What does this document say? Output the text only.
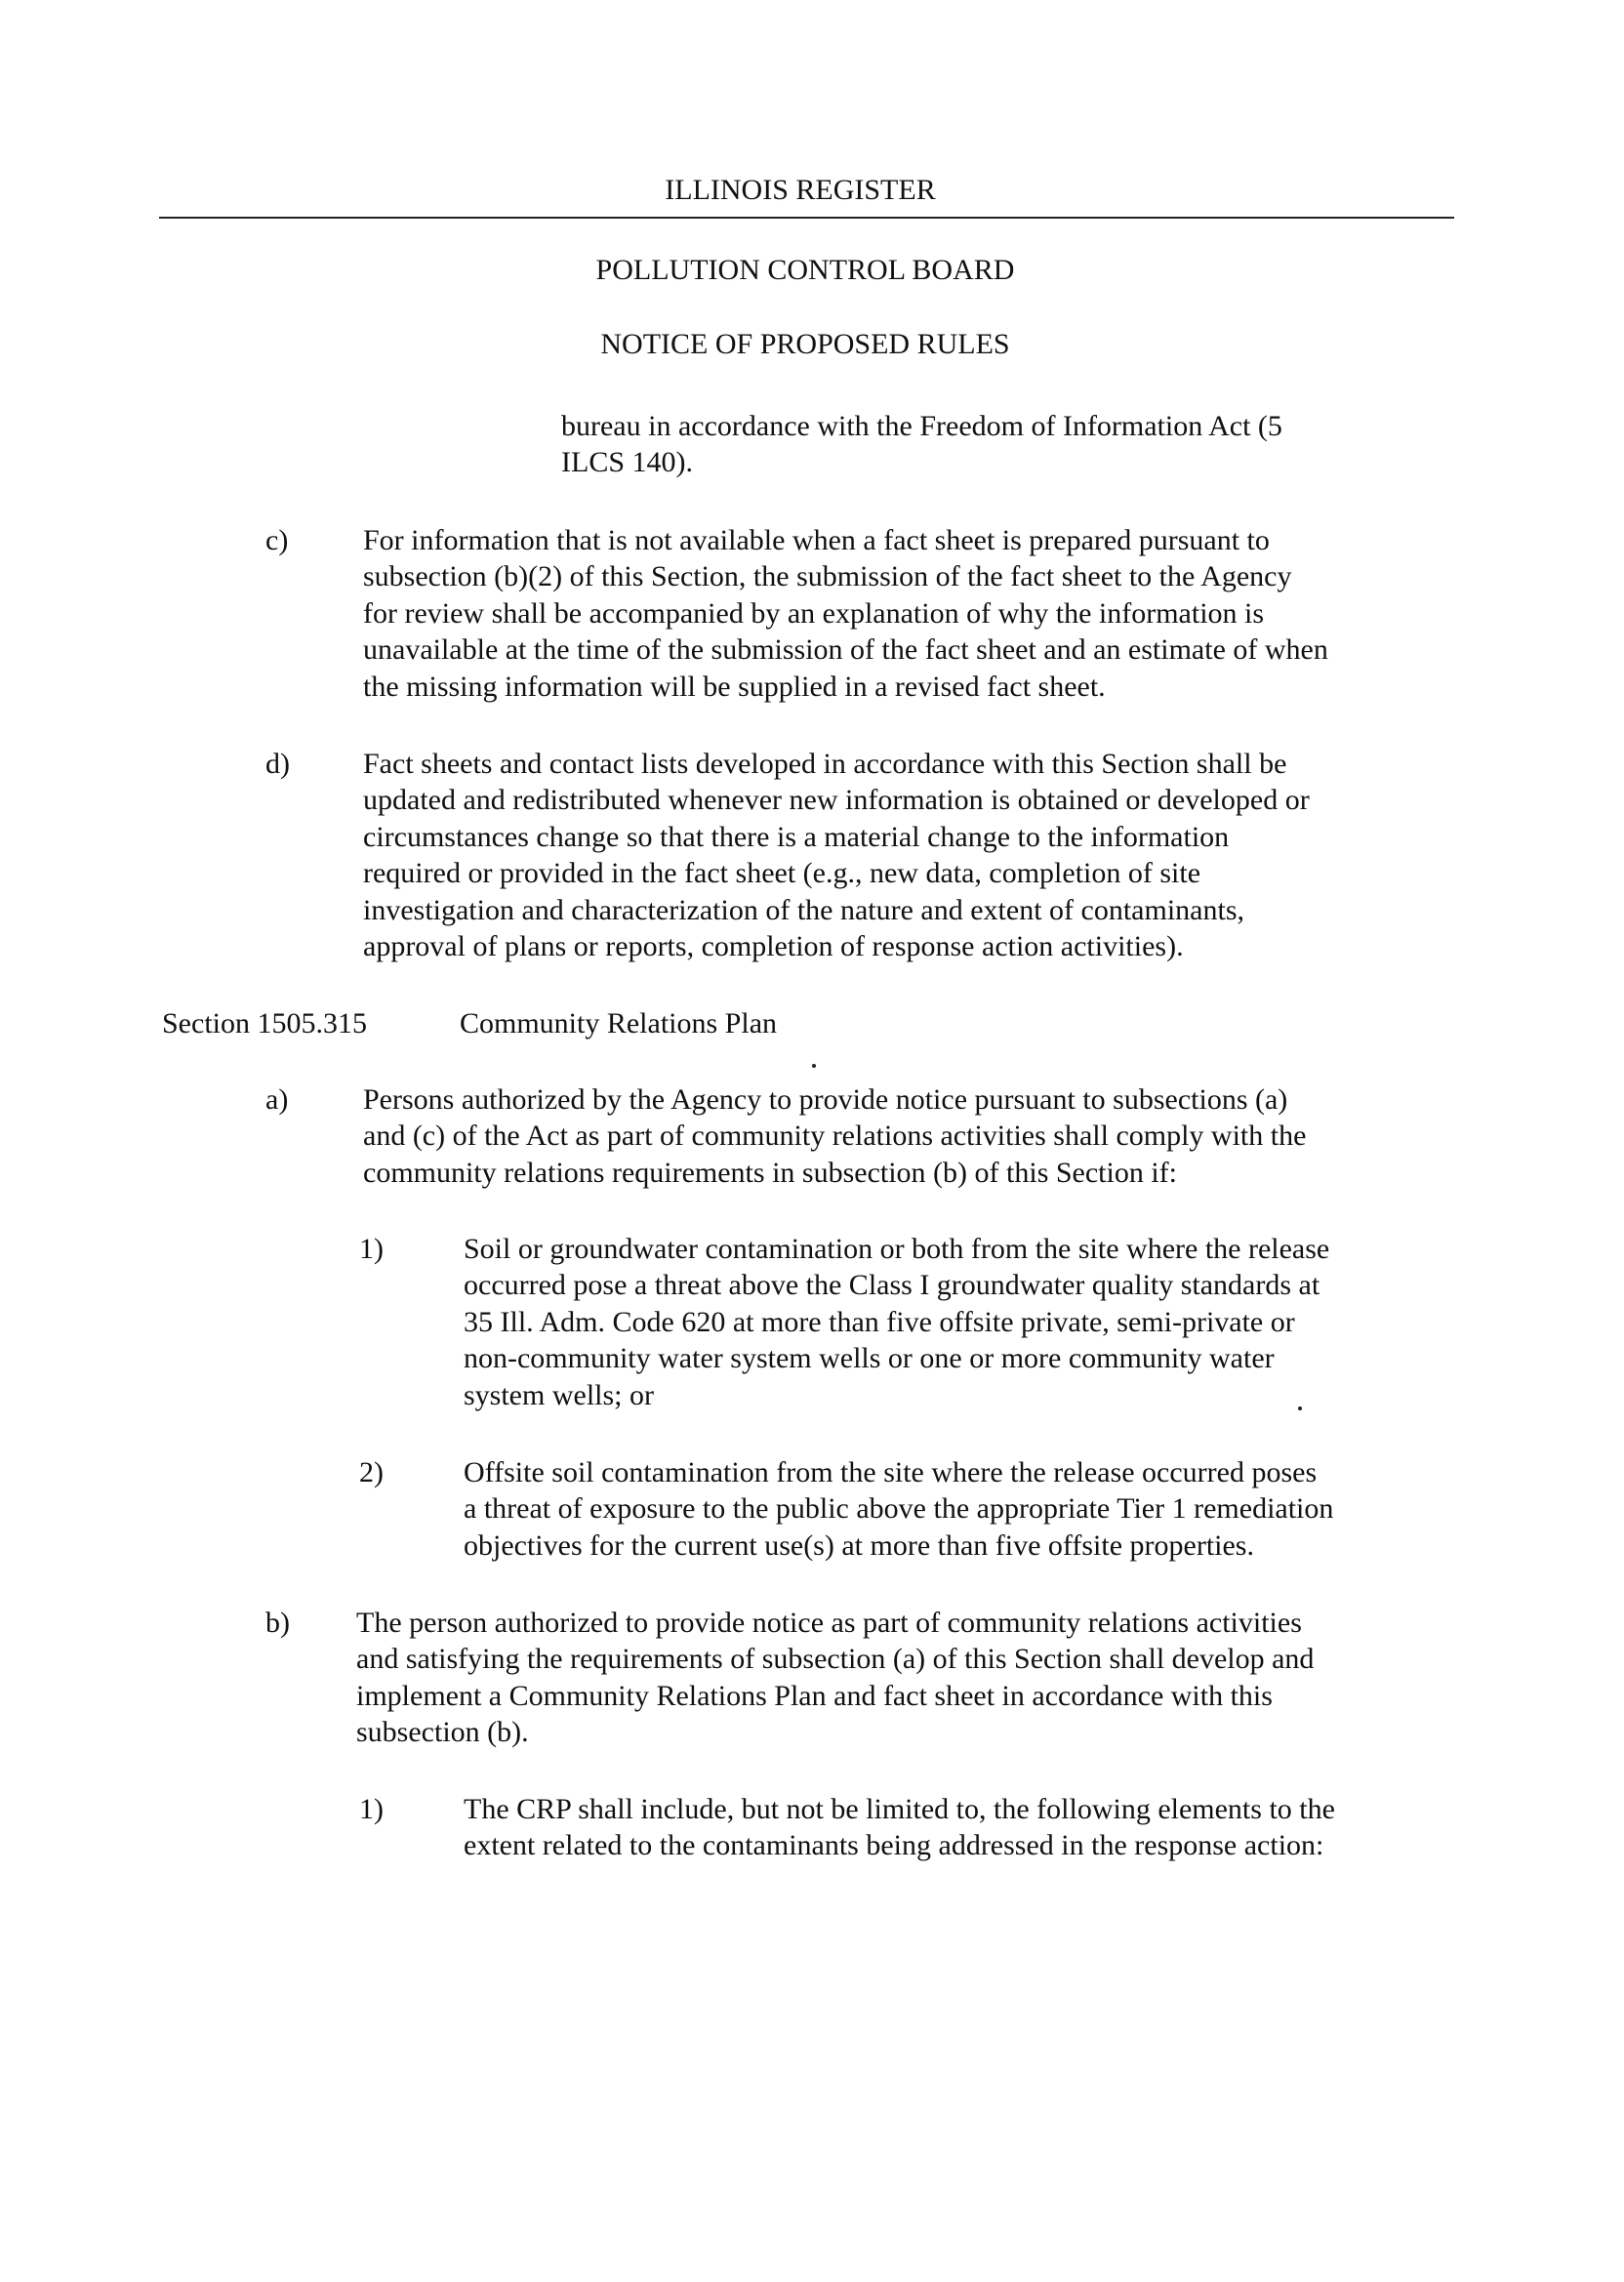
ILLINOIS REGISTER

POLLUTION CONTROL BOARD

NOTICE OF PROPOSED RULES

bureau in accordance with the Freedom of Information Act (5

ILCS 140).

c)	For information that is not available when a fact sheet is prepared pursuant to

subsection (b)(2) of this Section, the submission of the fact sheet to the Agency

for review shall be accompanied by an explanation of why the information is

unavailable at the time of the submission of the fact sheet and an estimate of when

the missing information will be supplied in a revised fact sheet.

d)	Fact sheets and contact lists developed in accordance with this Section shall be

updated and redistributed whenever new information is obtained or developed or

circumstances change so that there is a material change to the information

required or provided in the fact sheet (e.g., new data, completion of site

investigation and characterization of the nature and extent of contaminants,

approval of plans or reports, completion of response action activities).

Section 1505.315	Community Relations Plan

a)	Persons authorized by the Agency to provide notice pursuant to subsections (a)

and (c) of the Act as part of community relations activities shall comply with the

community relations requirements in subsection (b) of this Section if:

1)	Soil or groundwater contamination or both from the site where the release

occurred pose a threat above the Class I groundwater quality standards at

35 Ill. Adm. Code 620 at more than five offsite private, semi-private or

non-community water system wells or one or more community water

system wells; or

2)	Offsite soil contamination from the site where the release occurred poses

a threat of exposure to the public above the appropriate Tier 1 remediation

objectives for the current use(s) at more than five offsite properties.

b) The person authorized to provide notice as part of community relations activities

and satisfying the requirements of subsection (a) of this Section shall develop and

implement a Community Relations Plan and fact sheet in accordance with this

subsection (b).

1)	The CRP shall include, but not be limited to, the following elements to the

extent related to the contaminants being addressed in the response action:
